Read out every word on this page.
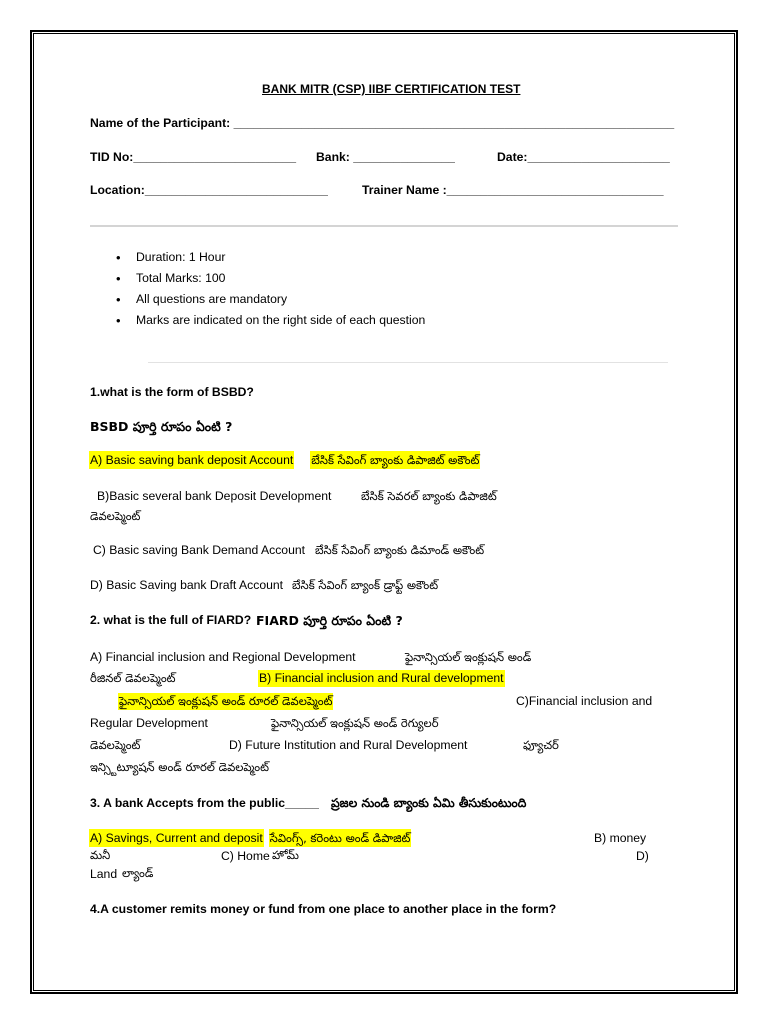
BANK MITR (CSP) IIBF CERTIFICATION TEST
Name of the Participant: _________________________________________________________________
TID No:________________________ Bank: _______________	Date:_____________________
Location:___________________________	Trainer Name :________________________________
• Duration: 1 Hour
• Total Marks: 100
• All questions are mandatory
• Marks are indicated on the right side of each question
1.what is the form of BSBD?
BSBD పూర్తి రూపం ఏంటి ?
A) Basic saving bank deposit Account బేసిక్ సేవింగ్ బ్యాంకు డిపాజిట్ అకౌంట్
B)Basic several bank Deposit Development	బేసిక్ సెవరల్ బ్యాంకు డిపాజిట్
డెవలప్మెంట్
C) Basic saving Bank Demand Account బేసిక్ సేవింగ్ బ్యాంకు డిమాండ్ అకౌంట్
D) Basic Saving bank Draft Account బేసిక్ సేవింగ్ బ్యాంక్ డ్రాఫ్ట్ అకౌంట్
2. what is the full of FIARD? FIARD పూర్తి రూపం ఏంటి ?
A) Financial inclusion and Regional Development	ఫైనాన్సియల్ ఇంక్లుషన్ అండ్
రీజినల్ డెవలప్మెంట్	B) Financial inclusion and Rural development
ఫైనాన్సియల్ ఇంక్లుషన్ అండ్ రూరల్ డెవలప్మెంట్	C)Financial inclusion and
Regular Development	ఫైనాన్సియల్ ఇంక్లుషన్ అండ్ రెగ్యులర్
డెవలప్మెంట్	D) Future Institution and Rural Development	ఫ్యూచర్
ఇన్స్టిట్యూషన్ అండ్ రూరల్ డెవలప్మెంట్
3. A bank Accepts from the public_____ ప్రజల నుండి బ్యాంకు ఏమి తీసుకుంటుంది
A) Savings, Current and deposit సేవింగ్స్, కరెంటు అండ్ డిపాజిట్	B) money
మనీ	C) Home హోమ్	D)
Land ల్యాండ్
4.A customer remits money or fund from one place to another place in the form?
